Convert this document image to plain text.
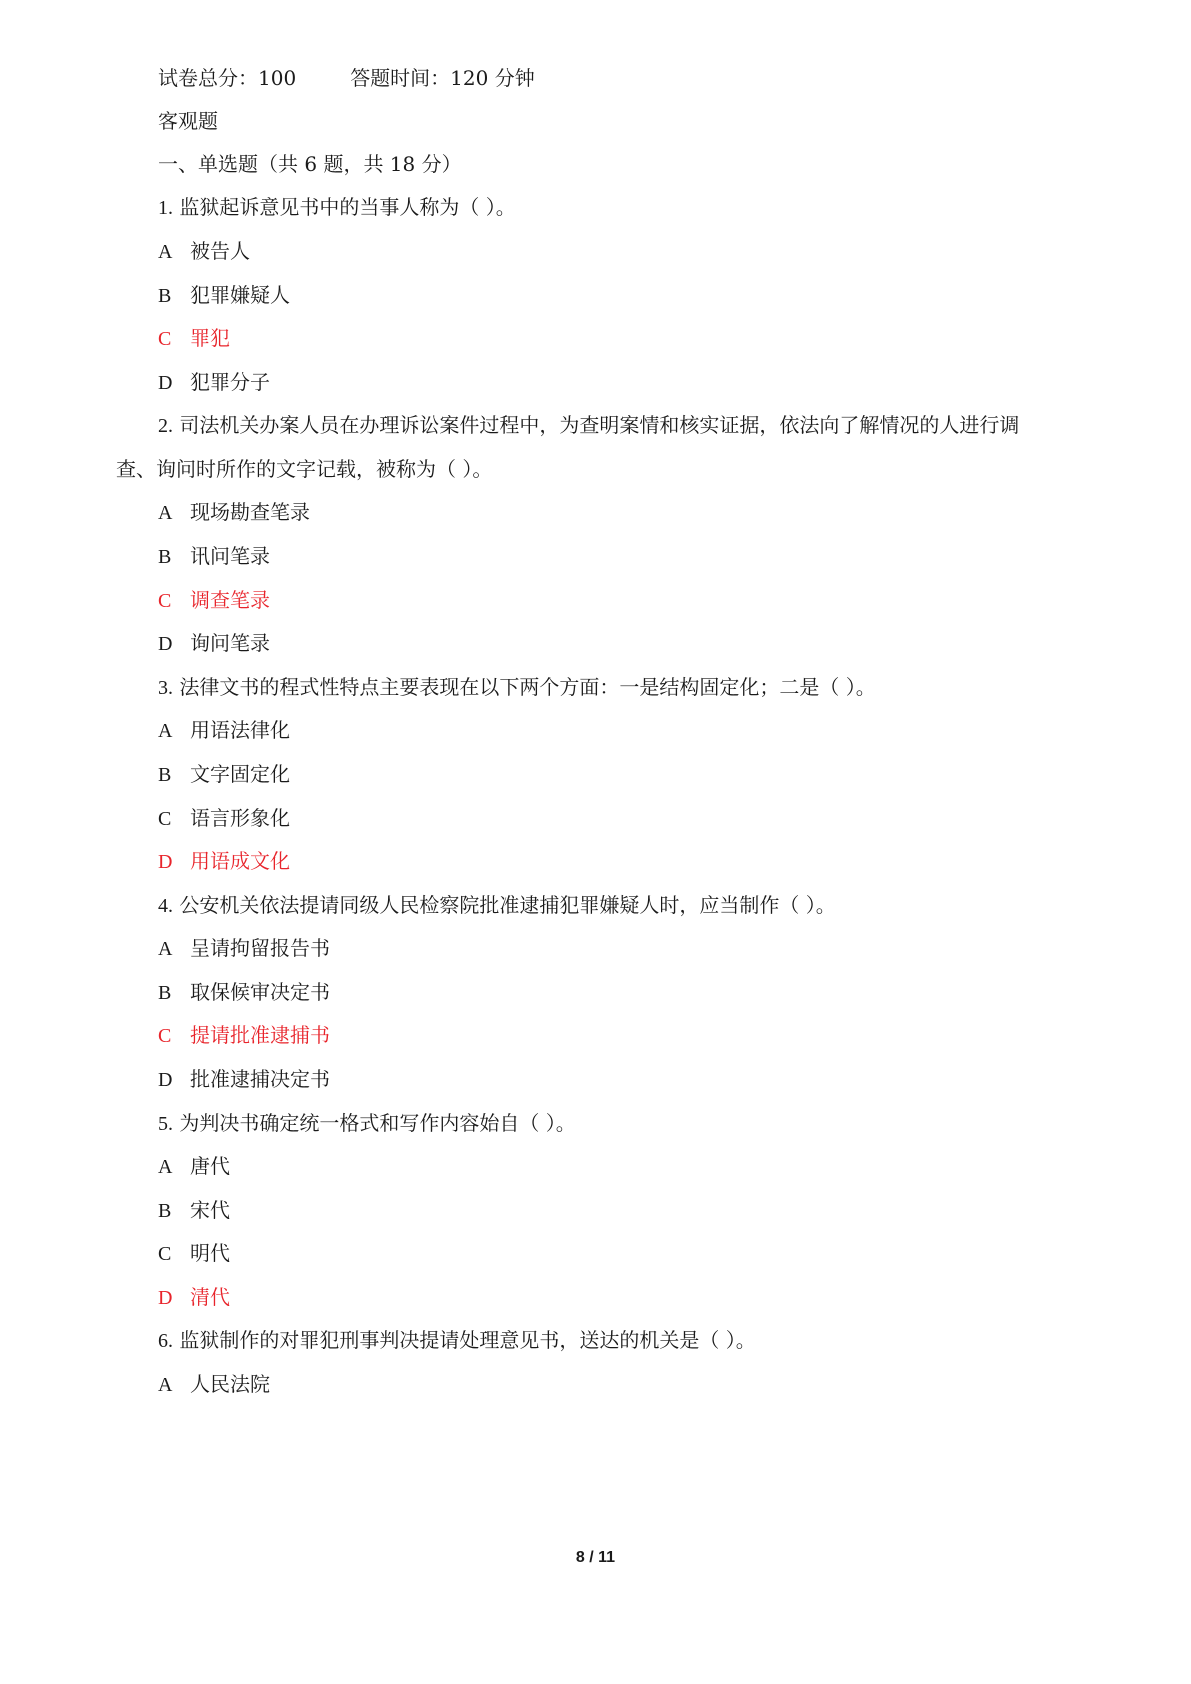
试卷总分：100	答题时间：120 分钟
客观题
一、单选题（共 6 题，共 18 分）
1. 监狱起诉意见书中的当事人称为（ ）。
A 被告人
B 犯罪嫌疑人
C 罪犯
D 犯罪分子
2. 司法机关办案人员在办理诉讼案件过程中，为查明案情和核实证据，依法向了解情况的人进行调
查、询问时所作的文字记载，被称为（ ）。
A 现场勘查笔录
B 讯问笔录
C 调查笔录
D 询问笔录
3. 法律文书的程式性特点主要表现在以下两个方面：一是结构固定化；二是（ ）。
A 用语法律化
B 文字固定化
C 语言形象化
D 用语成文化
4. 公安机关依法提请同级人民检察院批准逮捕犯罪嫌疑人时，应当制作（ ）。
A 呈请拘留报告书
B 取保候审决定书
C 提请批准逮捕书
D 批准逮捕决定书
5. 为判决书确定统一格式和写作内容始自（ ）。
A 唐代
B 宋代
C 明代
D 清代
6. 监狱制作的对罪犯刑事判决提请处理意见书，送达的机关是（ ）。
A 人民法院
8 / 11
